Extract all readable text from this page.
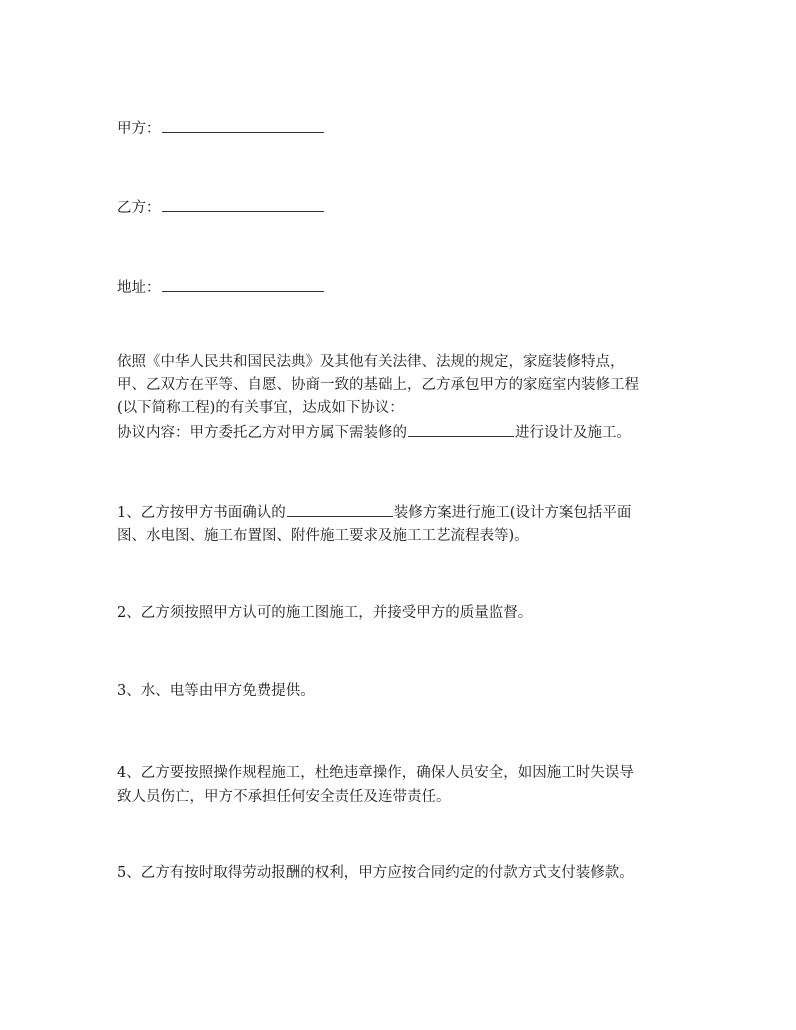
甲方：
乙方：
地址：
依照《中华人民共和国民法典》及其他有关法律、法规的规定，家庭装修特点，
甲、乙双方在平等、自愿、协商一致的基础上，乙方承包甲方的家庭室内装修工程
(以下简称工程)的有关事宜，达成如下协议：
协议内容：甲方委托乙方对甲方属下需装修的	进行设计及施工。
1、乙方按甲方书面确认的	装修方案进行施工(设计方案包括平面
图、水电图、施工布置图、附件施工要求及施工工艺流程表等)。
2、乙方须按照甲方认可的施工图施工，并接受甲方的质量监督。
3、水、电等由甲方免费提供。
4、乙方要按照操作规程施工，杜绝违章操作，确保人员安全，如因施工时失误导
致人员伤亡，甲方不承担任何安全责任及连带责任。
5、乙方有按时取得劳动报酬的权利，甲方应按合同约定的付款方式支付装修款。
